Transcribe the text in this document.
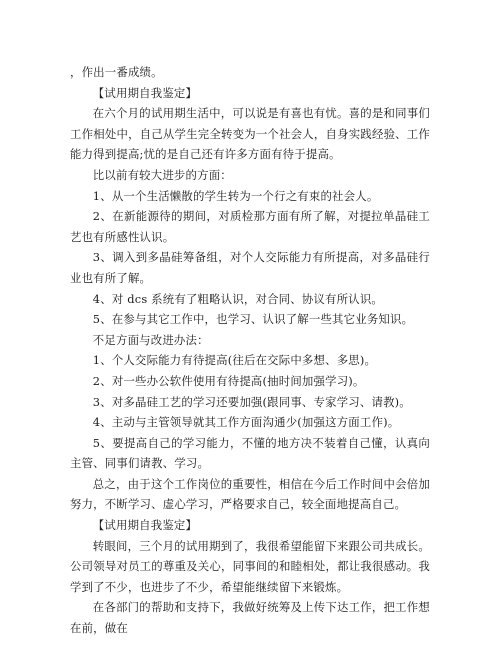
，作出一番成绩。

【试用期自我鉴定】

在六个月的试用期生活中，可以说是有喜也有忧。喜的是和同事们工作相处中，自己从学生完全转变为一个社会人，自身实践经验、工作能力得到提高;忧的是自己还有许多方面有待于提高。

比以前有较大进步的方面：

1、从一个生活懒散的学生转为一个行之有束的社会人。

2、在新能源待的期间，对质检那方面有所了解，对提拉单晶硅工艺也有所感性认识。

3、调入到多晶硅筹备组，对个人交际能力有所提高，对多晶硅行业也有所了解。

4、对 dcs 系统有了粗略认识，对合同、协议有所认识。

5、在参与其它工作中，也学习、认识了解一些其它业务知识。

不足方面与改进办法：

1、个人交际能力有待提高(往后在交际中多想、多思)。

2、对一些办公软件使用有待提高(抽时间加强学习)。

3、对多晶硅工艺的学习还要加强(跟同事、专家学习、请教)。

4、主动与主管领导就其工作方面沟通少(加强这方面工作)。

5、要提高自己的学习能力，不懂的地方决不装着自己懂，认真向主管、同事们请教、学习。

总之，由于这个工作岗位的重要性，相信在今后工作时间中会倍加努力，不断学习、虚心学习，严格要求自己，较全面地提高自己。

【试用期自我鉴定】

转眼间，三个月的试用期到了，我很希望能留下来跟公司共成长。公司领导对员工的尊重及关心，同事间的和睦相处，都让我很感动。我学到了不少，也进步了不少，希望能继续留下来锻炼。

在各部门的帮助和支持下，我做好统筹及上传下达工作，把工作想在前，做在
